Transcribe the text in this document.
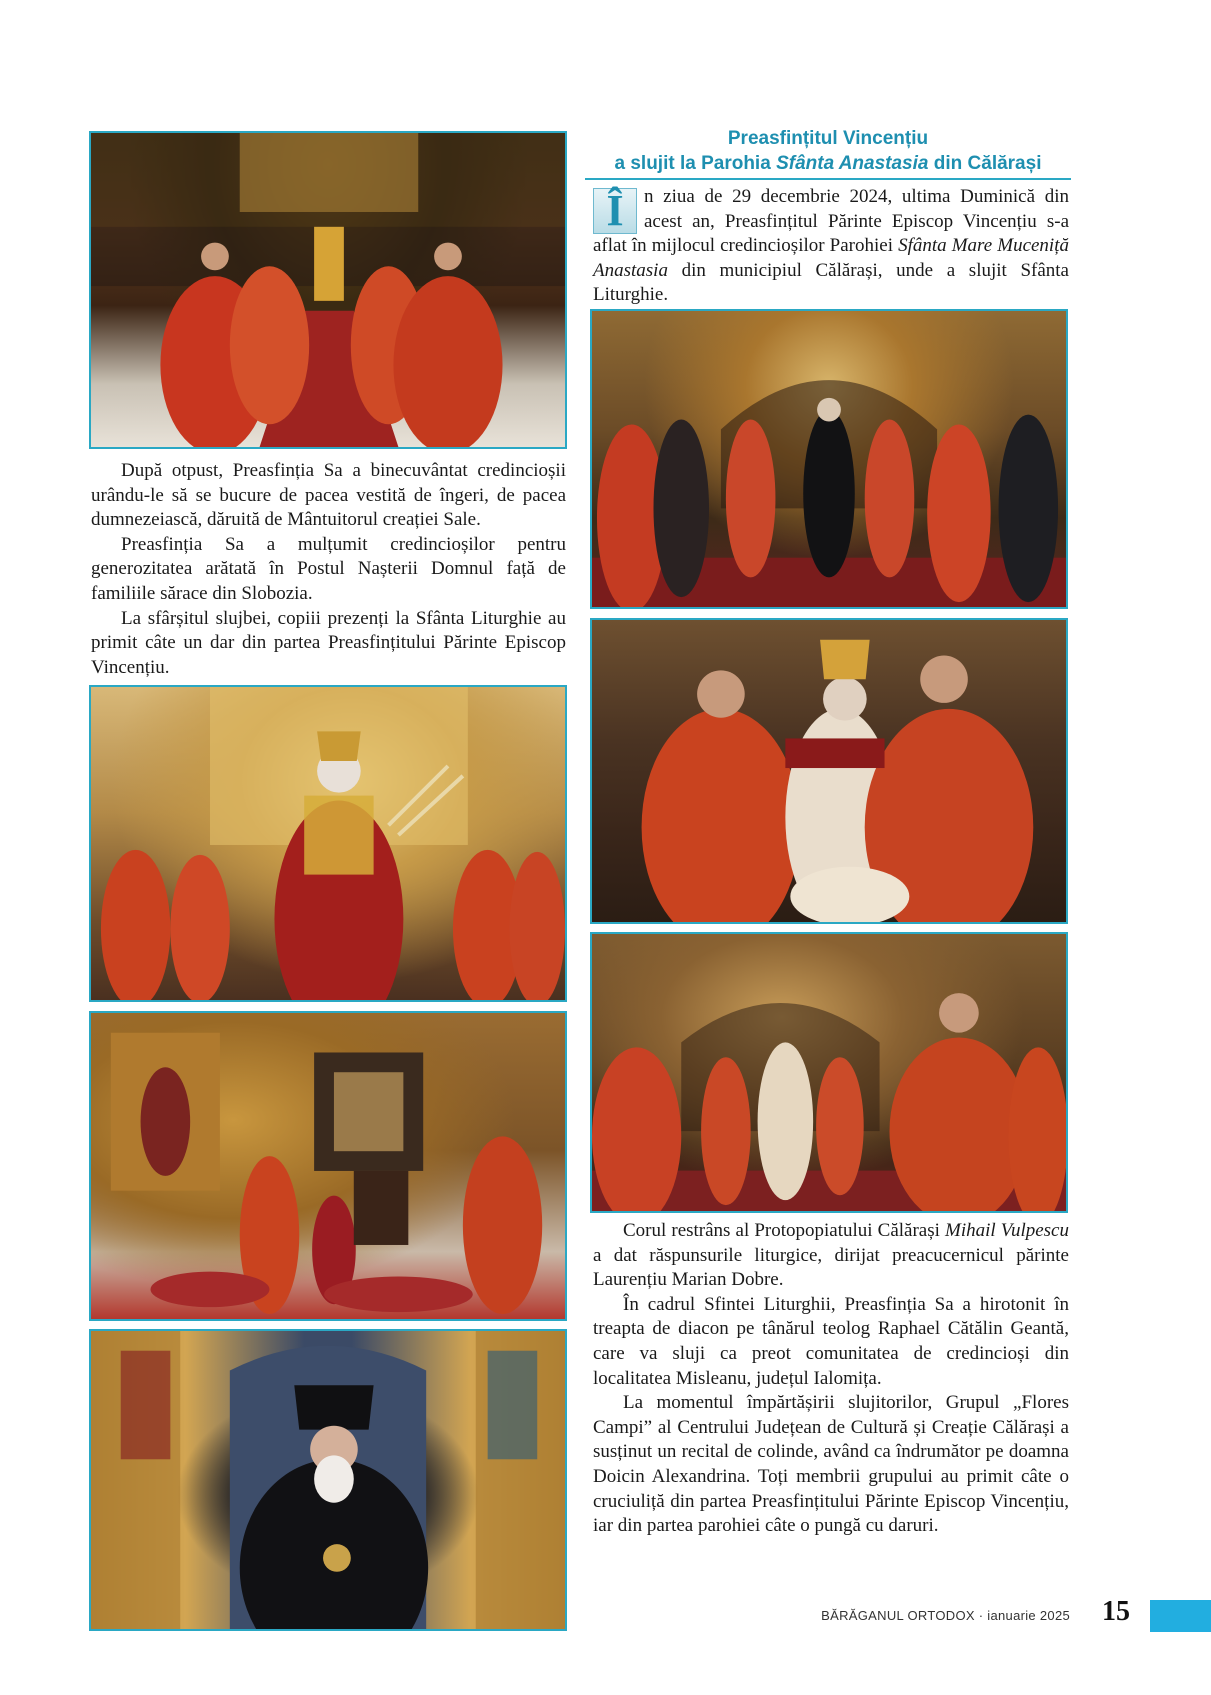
Preasfințitul Vincențiu
a slujit la Parohia Sfânta Anastasia din Călărași

Î	n ziua de 29 decembrie 2024, ultima Duminică din acest an, Preasfințitul Părinte Episcop Vincențiu s-a aflat în mijlocul credincioșilor Parohiei Sfânta Mare Muceniță Anastasia din municipiul Călărași, unde a slujit Sfânta Liturghie.

După otpust, Preasfinția Sa a binecuvântat credincioșii urându-le să se bucure de pacea vestită de îngeri, de pacea dumnezeiască, dăruită de Mântuitorul creației Sale.

Preasfinția Sa a mulțumit credincioșilor pentru generozitatea arătată în Postul Nașterii Domnul față de familiile sărace din Slobozia.

La sfârșitul slujbei, copiii prezenți la Sfânta Liturghie au primit câte un dar din partea Preasfințitului Părinte Episcop Vincențiu.

Corul restrâns al Protopopiatului Călărași Mihail Vulpescu a dat răspunsurile liturgice, dirijat preacucernicul părinte Laurențiu Marian Dobre.

În cadrul Sfintei Liturghii, Preasfinția Sa a hirotonit în treapta de diacon pe tânărul teolog Raphael Cătălin Geantă, care va sluji ca preot comunitatea de credincioși din localitatea Misleanu, județul Ialomița.

La momentul împărtășirii slujitorilor, Grupul „Flores Campi” al Centrului Județean de Cultură și Creație Călărași a susținut un recital de colinde, având ca îndrumător pe doamna Doicin Alexandrina. Toți membrii grupului au primit câte o cruciuliță din partea Preasfințitului Părinte Episcop Vincențiu, iar din partea parohiei câte o pungă cu daruri.

BĂRĂGANUL ORTODOX · ianuarie 2025	15
